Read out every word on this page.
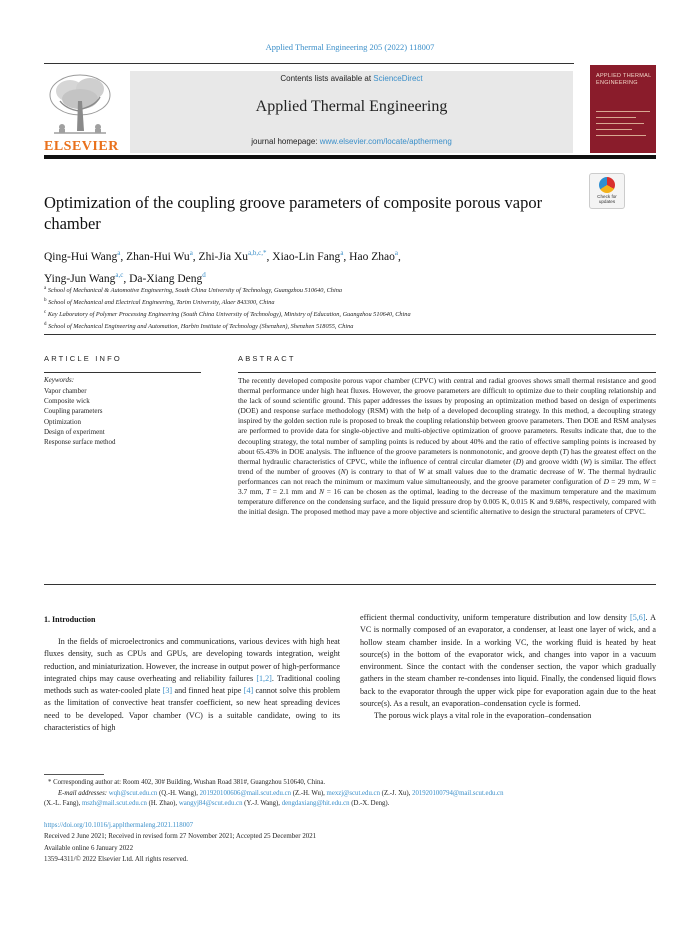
Applied Thermal Engineering 205 (2022) 118007
ELSEVIER
Contents lists available at ScienceDirect
Applied Thermal Engineering
journal homepage: www.elsevier.com/locate/apthermeng
APPLIED THERMAL ENGINEERING
Optimization of the coupling groove parameters of composite porous vapor chamber
Check for updates
Qing-Hui Wang$^a$, Zhan-Hui Wu$^a$, Zhi-Jia Xu$^{a,b,c,*}$, Xiao-Lin Fang$^a$, Hao Zhao$^a$,
Ying-Jun Wang$^{a,c}$, Da-Xiang Deng$^d$
$^a$ School of Mechanical & Automotive Engineering, South China University of Technology, Guangzhou 510640, China
$^b$ School of Mechanical and Electrical Engineering, Tarim University, Alaer 843300, China
$^c$ Key Laboratory of Polymer Processing Engineering (South China University of Technology), Ministry of Education, Guangzhou 510640, China
$^d$ School of Mechanical Engineering and Automation, Harbin Institute of Technology (Shenzhen), Shenzhen 518055, China
ARTICLE INFO
Keywords:
Vapor chamber
Composite wick
Coupling parameters
Optimization
Design of experiment
Response surface method
ABSTRACT
The recently developed composite porous vapor chamber (CPVC) with central and radial grooves shows small thermal resistance and good thermal performance under high heat fluxes. However, the groove parameters are difficult to optimize due to their coupling relationship and the lack of sound scientific ground. This paper addresses the issues by proposing an optimization method based on design of experiments (DOE) and response surface methodology (RSM) with the help of a developed decoupling strategy. In this method, a decoupling strategy inspired by the golden section rule is proposed to break the coupling relationship between groove parameters. Then DOE and RSM analyses are performed to provide data for single-objective and multi-objective optimization of groove parameters. Results indicate that, due to the decoupling strategy, the total number of sampling points is reduced by about 40% and the ratio of effective sampling points is increased by about 65.43% in DOE analysis. The influence of the groove parameters is nonmonotonic, and groove depth (T) has the greatest effect on the thermal hydraulic characteristics of CPVC, while the influence of central circular diameter (D) and groove width (W) is similar. The effect trend of the number of grooves (N) is contrary to that of W at small values due to the dramatic decrease of W. The thermal hydraulic performances can not reach the minimum or maximum value simultaneously, and the groove parameter configuration of D = 29 mm, W = 3.7 mm, T = 2.1 mm and N = 16 can be chosen as the optimal, leading to the decrease of the maximum temperature and the maximum temperature difference on the condensing surface, and the liquid pressure drop by 0.005 K, 0.015 K and 9.68%, respectively, compared with the initial design. The proposed method may pave a more objective and scientific alternative to design the structural parameters of CPVC.
1. Introduction
In the fields of microelectronics and communications, various devices with high heat fluxes density, such as CPUs and GPUs, are developing towards integration, weight reduction, and miniaturization. However, the increase in output power of high-performance integrated chips may cause overheating and reliability failures [1,2]. Traditional cooling methods such as water-cooled plate [3] and finned heat pipe [4] cannot solve this problem as the limitation of convective heat transfer coefficient, so new heat spreading devices need to be developed. Vapor chamber (VC) is a suitable candidate, owing to its characteristics of high
efficient thermal conductivity, uniform temperature distribution and low density [5,6]. A VC is normally composed of an evaporator, a condenser, at least one layer of wick, and a hollow steam chamber inside. In a working VC, the working fluid is heated by heat source(s) in the bottom of the evaporator wick, and changes into vapor in a vacuum environment. Since the contact with the condenser section, the vapor which gradually gathers in the steam chamber re-condenses into liquid. Finally, the condensed liquid flows back to the evaporator through the upper wick pipe for evaporation again due to the heat source(s). As a result, an evaporation–condensation cycle is formed.
The porous wick plays a vital role in the evaporation–condensation
* Corresponding author at: Room 402, 30# Building, Wushan Road 381#, Guangzhou 510640, China.
E-mail addresses: wqh@scut.edu.cn (Q.-H. Wang), 201920100606@mail.scut.edu.cn (Z.-H. Wu), mexzj@scut.edu.cn (Z.-J. Xu), 201920100794@mail.scut.edu.cn
(X.-L. Fang), mszh@mail.scut.edu.cn (H. Zhao), wangyj84@scut.edu.cn (Y.-J. Wang), dengdaxiang@hit.edu.cn (D.-X. Deng).
https://doi.org/10.1016/j.applthermaleng.2021.118007
Received 2 June 2021; Received in revised form 27 November 2021; Accepted 25 December 2021
Available online 6 January 2022
1359-4311/© 2022 Elsevier Ltd. All rights reserved.
